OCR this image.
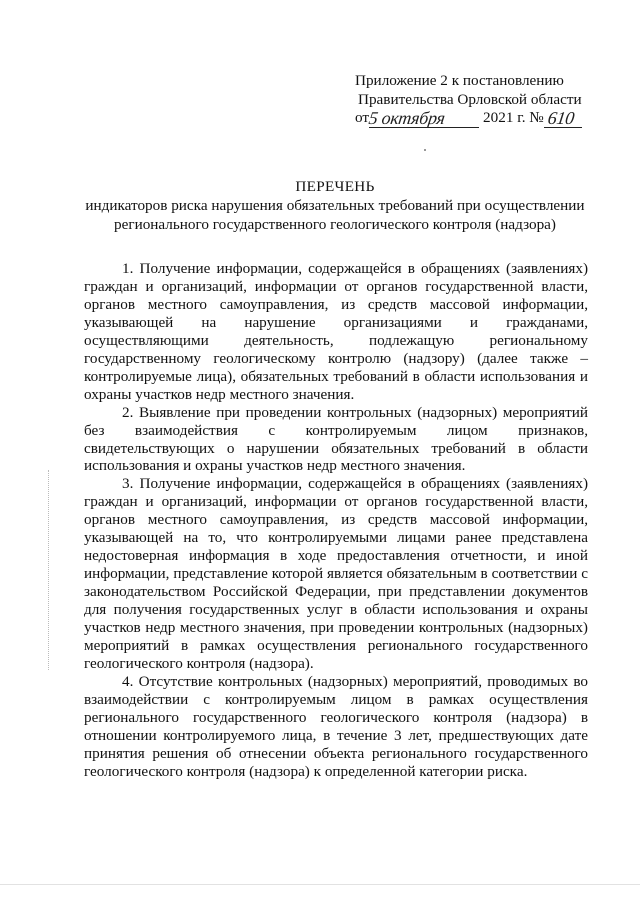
Приложение 2 к постановлению
Правительства Орловской области
от
5 октября 2021 г. № 610
ПЕРЕЧЕНЬ
индикаторов риска нарушения обязательных требований при осуществлении
регионального государственного геологического контроля (надзора)

1. Получение информации, содержащейся в обращениях (заявлениях) граждан и организаций, информации от органов государственной власти, органов местного самоуправления, из средств массовой информации, указывающей на нарушение организациями и гражданами, осуществляющими деятельность, подлежащую региональному государственному геологическому контролю (надзору) (далее также – контролируемые лица), обязательных требований в области использования и охраны участков недр местного значения.

2. Выявление при проведении контрольных (надзорных) мероприятий без взаимодействия с контролируемым лицом признаков, свидетельствующих о нарушении обязательных требований в области использования и охраны участков недр местного значения.

3. Получение информации, содержащейся в обращениях (заявлениях) граждан и организаций, информации от органов государственной власти, органов местного самоуправления, из средств массовой информации, указывающей на то, что контролируемыми лицами ранее представлена недостоверная информация в ходе предоставления отчетности, и иной информации, представление которой является обязательным в соответствии с законодательством Российской Федерации, при представлении документов для получения государственных услуг в области использования и охраны участков недр местного значения, при проведении контрольных (надзорных) мероприятий в рамках осуществления регионального государственного геологического контроля (надзора).

4. Отсутствие контрольных (надзорных) мероприятий, проводимых во взаимодействии с контролируемым лицом в рамках осуществления регионального государственного геологического контроля (надзора) в отношении контролируемого лица, в течение 3 лет, предшествующих дате принятия решения об отнесении объекта регионального государственного геологического контроля (надзора) к определенной категории риска.
